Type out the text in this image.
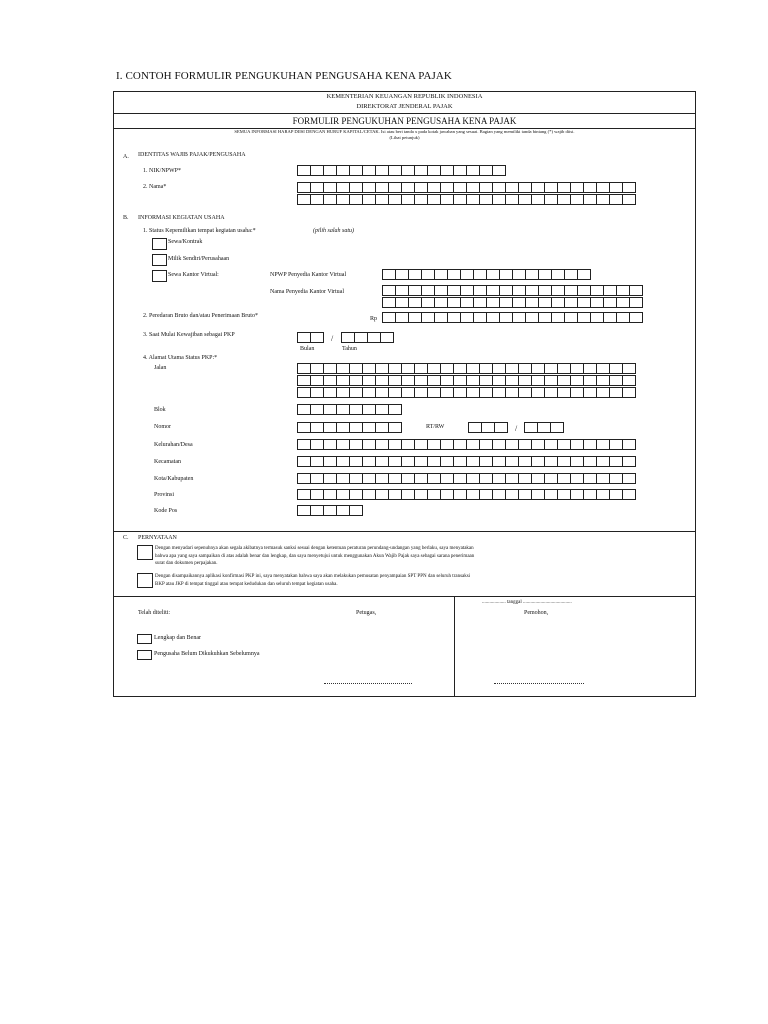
I. CONTOH FORMULIR PENGUKUHAN PENGUSAHA KENA PAJAK
KEMENTERIAN KEUANGAN REPUBLIK INDONESIA
DIREKTORAT JENDERAL PAJAK
FORMULIR PENGUKUHAN PENGUSAHA KENA PAJAK
SEMUA INFORMASI HARAP DIISI DENGAN HURUF KAPITAL/CETAK. Isi atau beri tanda x pada kotak jawaban yang sesuai. Bagian yang memiliki tanda bintang (*) wajib diisi.
(Lihat petunjuk)
A. IDENTITAS WAJIB PAJAK/PENGUSAHA
1. NIK/NPWP*
2. Nama*
B. INFORMASI KEGIATAN USAHA
1. Status Kepemilikan tempat kegiatan usaha:*	(pilih salah satu)
Sewa/Kontrak
Milik Sendiri/Perusahaan
Sewa Kantor Virtual:	NPWP Penyedia Kantor Virtual
Nama Penyedia Kantor Virtual
2. Peredaran Bruto dan/atau Penerimaan Bruto*	Rp
3. Saat Mulai Kewajiban sebagai PKP	/
Bulan	Tahun
4. Alamat Utama Status PKP:*
Jalan
Blok
Nomor	RT/RW	/
Kelurahan/Desa
Kecamatan
Kota/Kabupaten
Provinsi
Kode Pos
C. PERNYATAAN
Dengan menyadari sepenuhnya akan segala akibatnya termasuk sanksi sesuai dengan ketentuan peraturan perundang-undangan yang berlaku, saya menyatakan
bahwa apa yang saya sampaikan di atas adalah benar dan lengkap, dan saya menyetujui untuk menggunakan Akun Wajib Pajak saya sebagai sarana penerimaan
surat dan dokumen perpajakan.
Dengan disampaikannya aplikasi konfirmasi PKP ini, saya menyatakan bahwa saya akan melakukan pemusatan penyampaian SPT PPN dan seluruh transaksi
BKP atau JKP di tempat tinggal atau tempat kedudukan dan seluruh tempat kegiatan usaha.
................... tanggal .......................................
Telah diteliti:	Petugas,	Pemohon,
Lengkap dan Benar
Pengusaha Belum Dikukuhkan Sebelumnya
